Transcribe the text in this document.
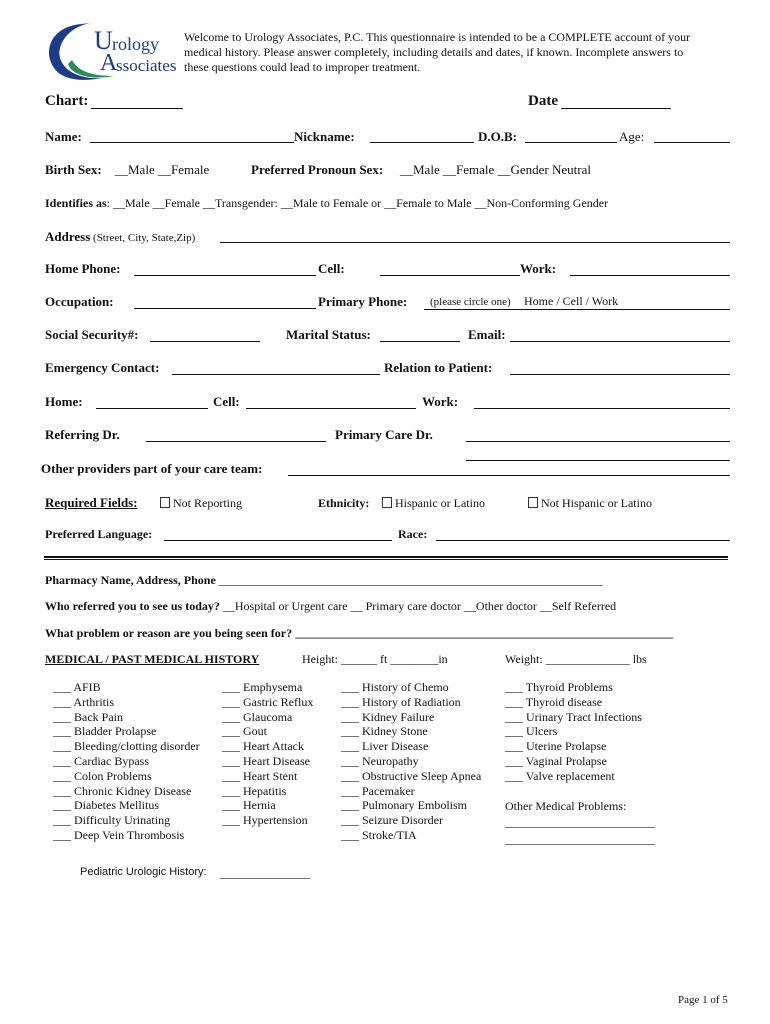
U rology
A
ssociates
Welcome to Urology Associates, P.C. This questionnaire is intended to be a COMPLETE account of your
medical history. Please answer completely, including details and dates, if known. Incomplete answers to
these questions could lead to improper treatment.
Chart:	Date
Name:	Nickname:	D.O.B:	Age:
Birth Sex: __Male __Female	Preferred Pronoun Sex: __Male __Female __Gender Neutral
Identifies as: __Male __Female __Transgender: __Male to Female or __Female to Male __Non-Conforming Gender
Address (Street, City, State,Zip)
Home Phone:	Cell:	Work:
Occupation:	Primary Phone: (please circle one) Home / Cell / Work
Social Security#:	Marital Status:	Email:
Emergency Contact:	Relation to Patient:
Home:	Cell:	Work:
Referring Dr.	Primary Care Dr.
Other providers part of your care team:
Required Fields:	Not Reporting	Ethnicity:	Hispanic or Latino	Not Hispanic or Latino
Preferred Language:	Race:
Pharmacy Name, Address, Phone ________________________________________________________________
Who referred you to see us today? __Hospital or Urgent care __ Primary care doctor __Other doctor __Self Referred
What problem or reason are you being seen for? _______________________________________________________________
MEDICAL / PAST MEDICAL HISTORY	Height: ______ ft ________in	Weight: ______________ lbs
___ AFIB
___ Arthritis
___ Back Pain
___ Bladder Prolapse
___ Bleeding/clotting disorder
___ Cardiac Bypass
___ Colon Problems
___ Chronic Kidney Disease
___ Diabetes Mellitus
___ Difficulty Urinating
___ Deep Vein Thrombosis
___ Emphysema
___ Gastric Reflux
___ Glaucoma
___ Gout
___ Heart Attack
___ Heart Disease
___ Heart Stent
___ Hepatitis
___ Hernia
___ Hypertension
___ History of Chemo
___ History of Radiation
___ Kidney Failure
___ Kidney Stone
___ Liver Disease
___ Neuropathy
___ Obstructive Sleep Apnea
___ Pacemaker
___ Pulmonary Embolism
___ Seizure Disorder
___ Stroke/TIA
___ Thyroid Problems
___ Thyroid disease
___ Urinary Tract Infections
___ Ulcers
___ Uterine Prolapse
___ Vaginal Prolapse
___ Valve replacement
Other Medical Problems:
_________________________
_________________________
Pediatric Urologic History: _______________
Page 1 of 5
